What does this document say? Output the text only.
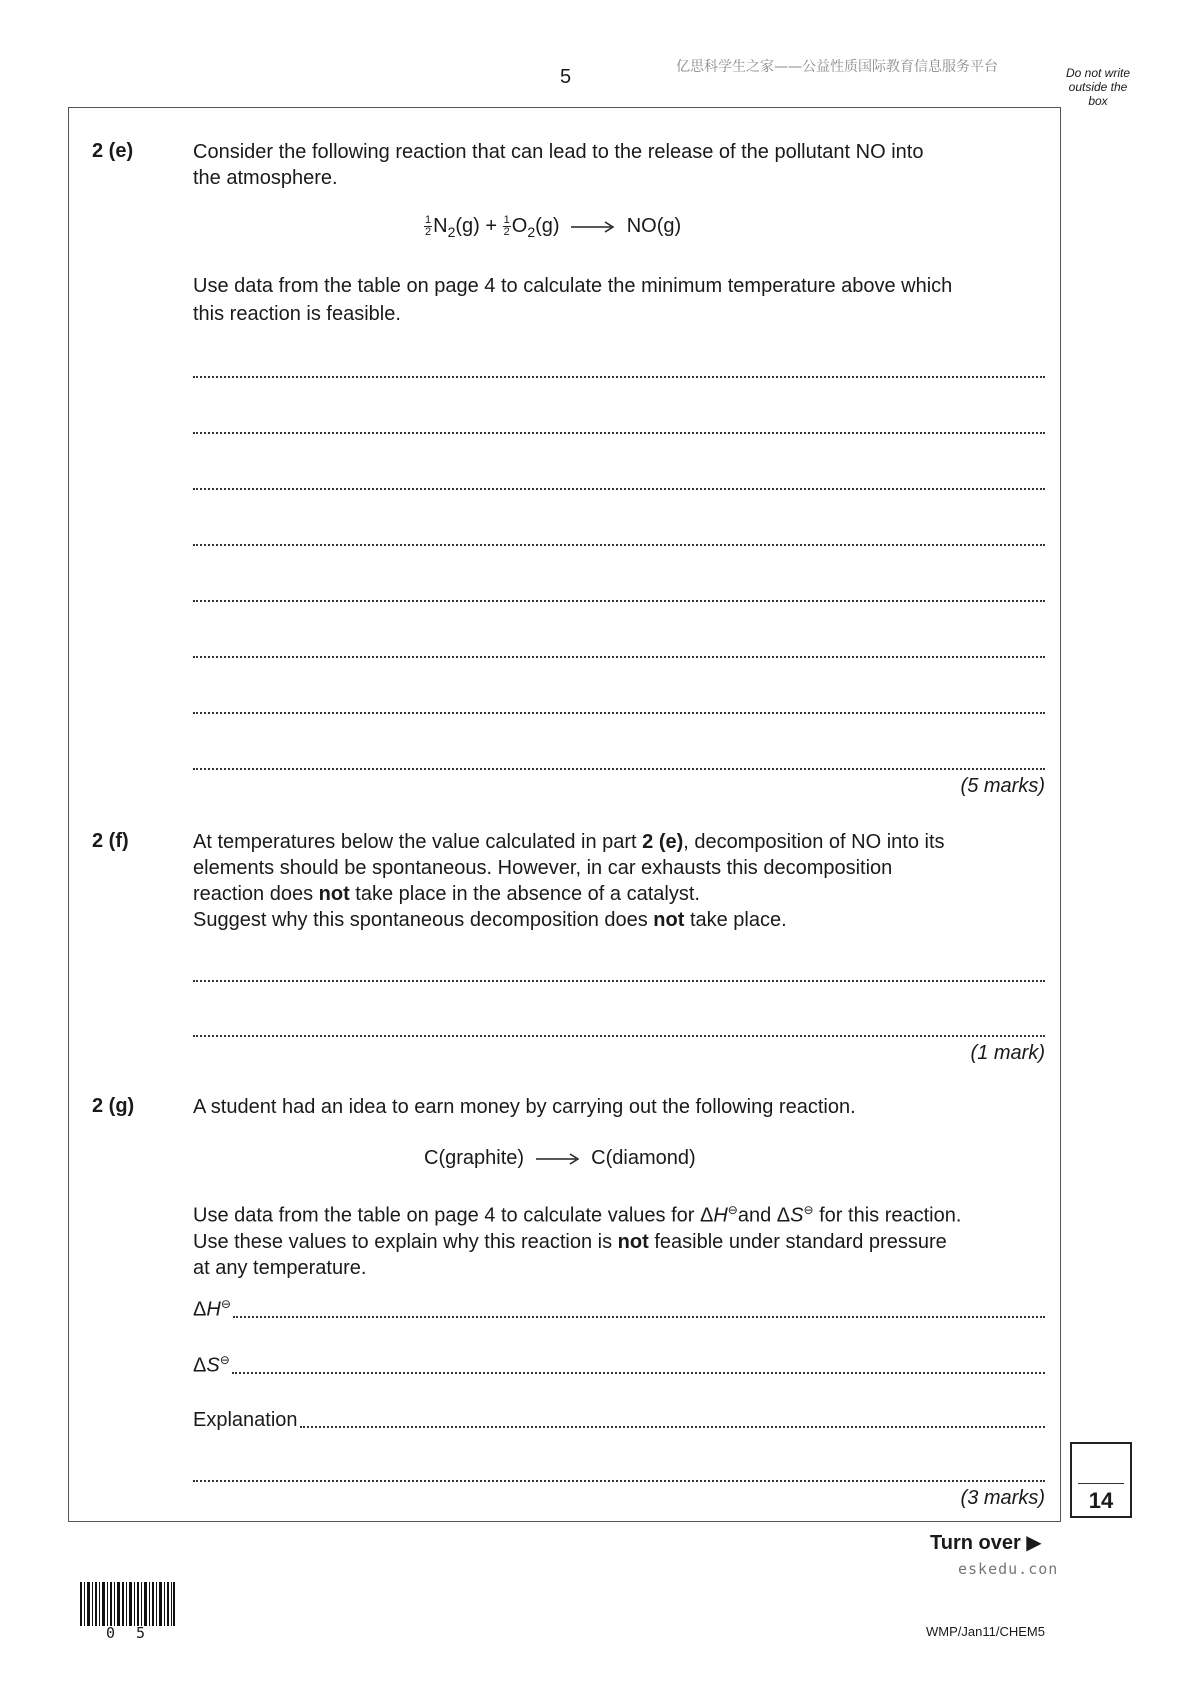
5	亿思科学生之家——公益性质国际教育信息服务平台	Do not write outside the box
2 (e)	Consider the following reaction that can lead to the release of the pollutant NO into
the atmosphere.
$\frac{1}{2} N_2(g) + \frac{1}{2} O_2(g) \to NO(g)$
Use data from the table on page 4 to calculate the minimum temperature above which
this reaction is feasible.
(5 marks)
2 (f)	At temperatures below the value calculated in part 2 (e), decomposition of NO into its
elements should be spontaneous. However, in car exhausts this decomposition
reaction does not take place in the absence of a catalyst.
Suggest why this spontaneous decomposition does not take place.
(1 mark)
2 (g)	A student had an idea to earn money by carrying out the following reaction.
C(graphite) → C(diamond)
Use data from the table on page 4 to calculate values for ΔH⊖and ΔS⊖ for this reaction.
Use these values to explain why this reaction is not feasible under standard pressure
at any temperature.
ΔH⊖
ΔS⊖
Explanation
(3 marks)	14
Turn over ▶
eskedu.con
0 5	WMP/Jan11/CHEM5
